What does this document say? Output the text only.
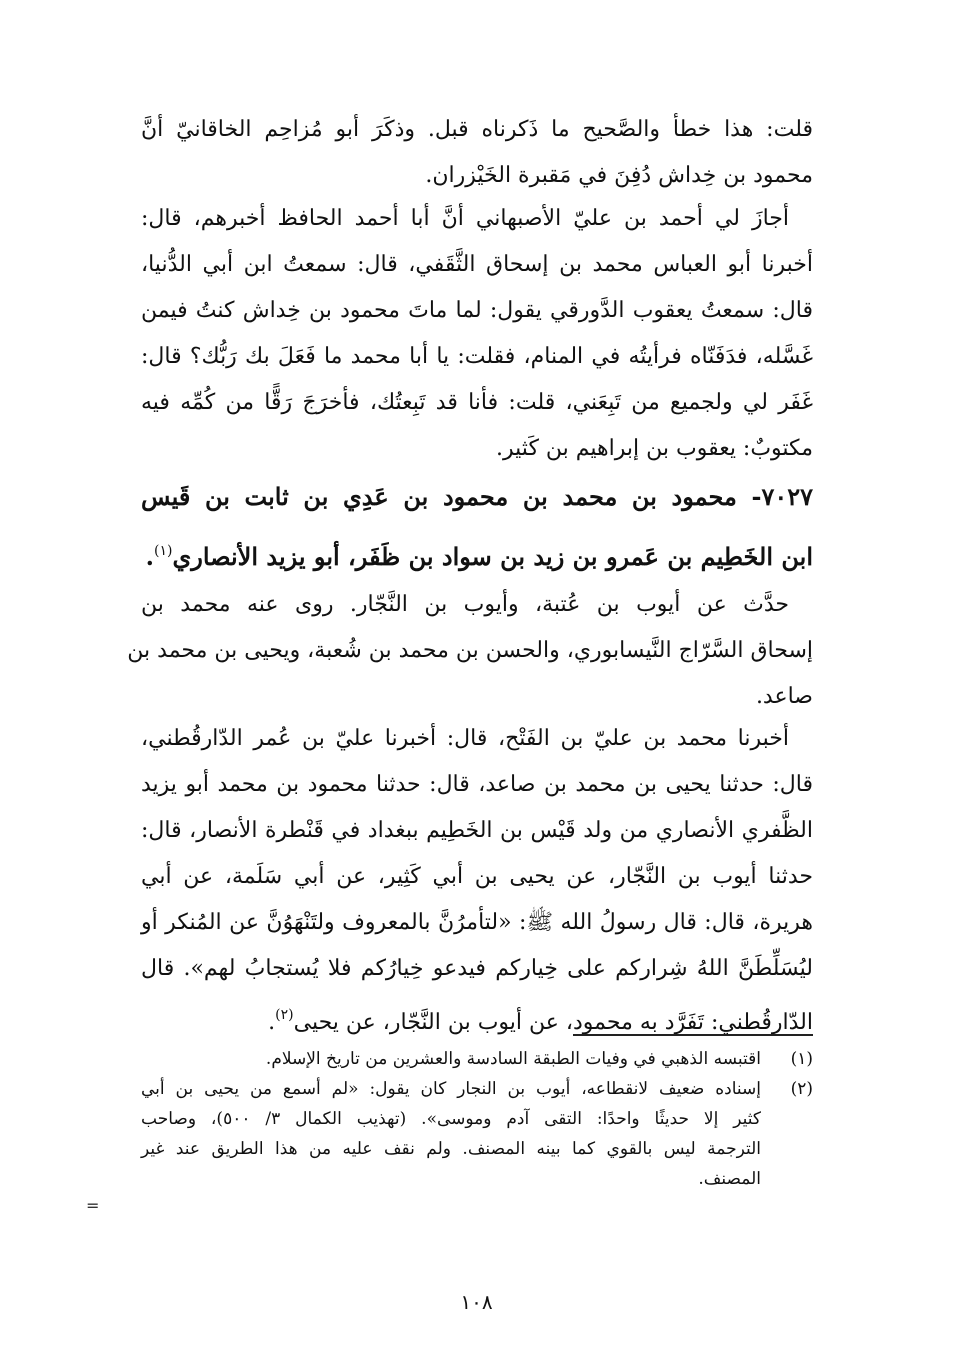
قلت: هذا خطأ والصَّحيح ما ذَكرناه قبل. وذكَرَ أبو مُزاحِم الخاقانيّ أنَّ
محمود بن خِداش دُفِنَ في مَقبرة الخَيْزران.
أجازَ لي أحمد بن عليّ الأصبهاني أنَّ أبا أحمد الحافظ أخبرهم، قال:
أخبرنا أبو العباس محمد بن إسحاق الثَّقَفي، قال: سمعتُ ابن أبي الدُّنيا،
قال: سمعتُ يعقوب الدَّورقي يقول: لما ماتَ محمود بن خِداش كنتُ فيمن
غَسَّله، فدَفَنّاه فرأيتُه في المنام، فقلت: يا أبا محمد ما فَعَلَ بك رَبُّك؟ قال:
غَفَر لي ولجميع من تَبِعَني، قلت: فأنا قد تَبِعتُك، فأخرَجَ رَقًّا من كُمِّه فيه
مكتوبٌ: يعقوب بن إبراهيم بن كَثير.
٧٠٢٧- محمود بن محمد بن محمود بن عَدِي بن ثابت بن قَيس
ابن الخَطِيم بن عَمرو بن زيد بن سواد بن ظَفَر، أبو يزيد الأنصاري$^{(١)}$.
حدَّث عن أيوب بن عُتبة، وأيوب بن النَّجّار. روى عنه محمد بن
إسحاق السَّرّاج النَّيسابوري، والحسن بن محمد بن شُعبة، ويحيى بن محمد بن
صاعد.
أخبرنا محمد بن عليّ بن الفَتْح، قال: أخبرنا عليّ بن عُمر الدّارقُطني،
قال: حدثنا يحيى بن محمد بن صاعد، قال: حدثنا محمود بن محمد أبو يزيد
الظَّفري الأنصاري من ولد قَيْس بن الخَطِيم ببغداد في قَنْطرة الأنصار، قال:
حدثنا أيوب بن النَّجّار، عن يحيى بن أبي كَثِير، عن أبي سَلَمة، عن أبي
هريرة، قال: قال رسولُ الله ﷺ: «لتأمرُنَّ بالمعروف ولتَنْهَوُنَّ عن المُنكر أو
ليُسَلِّطَنَّ اللهُ شِراركم على خِياركم فيدعو خِيارُكم فلا يُستجابُ لهم». قال
الدّارقُطني: تَفَرَّد به محمود، عن أيوب بن النَّجّار، عن يحيى$^{(٢)}$.
(١)
اقتبسه الذهبي في وفيات الطبقة السادسة والعشرين من تاريخ الإسلام.
(٢)
إسناده ضعيف لانقطاعه، أيوب بن النجار كان يقول: «لم أسمع من يحيى بن أبي
كثير إلا حديثًا واحدًا: التقى آدم وموسى». (تهذيب الكمال ٣/ ٥٠٠)، وصاحب
الترجمة ليس بالقوي كما بينه المصنف. ولم نقف عليه من هذا الطريق عند غير
المصنف.
=
١٠٨
